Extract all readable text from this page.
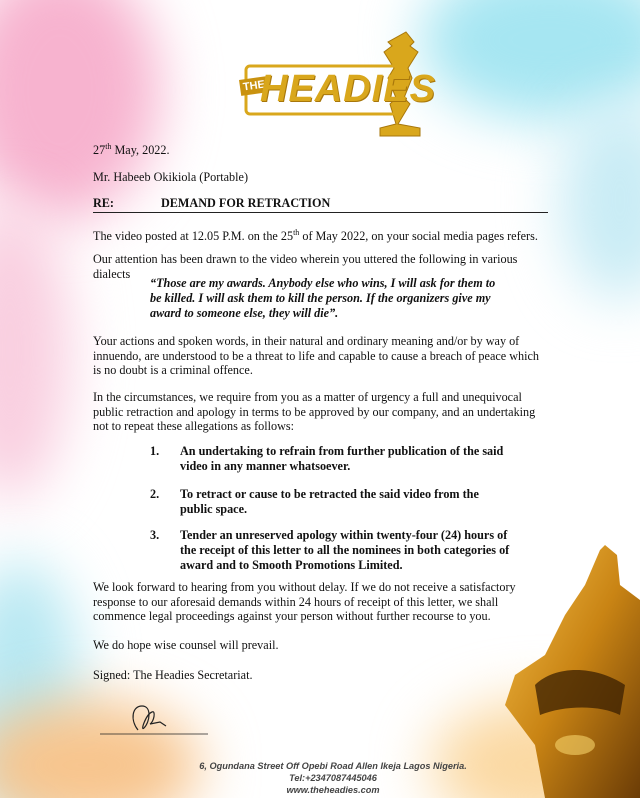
THE
HEADIES
27th May, 2022.
Mr. Habeeb Okikiola (Portable)
RE:	DEMAND FOR RETRACTION
The video posted at 12.05 P.M. on the 25th of May 2022, on your social media pages refers.
Our attention has been drawn to the video wherein you uttered the following in various dialects
“Those are my awards. Anybody else who wins, I will ask for them to be killed. I will ask them to kill the person. If the organizers give my award to someone else, they will die”.
Your actions and spoken words, in their natural and ordinary meaning and/or by way of innuendo, are understood to be a threat to life and capable to cause a breach of peace which is no doubt is a criminal offence.
In the circumstances, we require from you as a matter of urgency a full and unequivocal public retraction and apology in terms to be approved by our company, and an undertaking not to repeat these allegations as follows:
1. An undertaking to refrain from further publication of the said video in any manner whatsoever.
2. To retract or cause to be retracted the said video from the public space.
3. Tender an unreserved apology within twenty-four (24) hours of the receipt of this letter to all the nominees in both categories of award and to Smooth Promotions Limited.
We look forward to hearing from you without delay. If we do not receive a satisfactory response to our aforesaid demands within 24 hours of receipt of this letter, we shall commence legal proceedings against your person without further recourse to you.
We do hope wise counsel will prevail.
Signed: The Headies Secretariat.
6, Ogundana Street Off Opebi Road Allen Ikeja Lagos Nigeria. Tel:+2347087445046
www.theheadies.com
